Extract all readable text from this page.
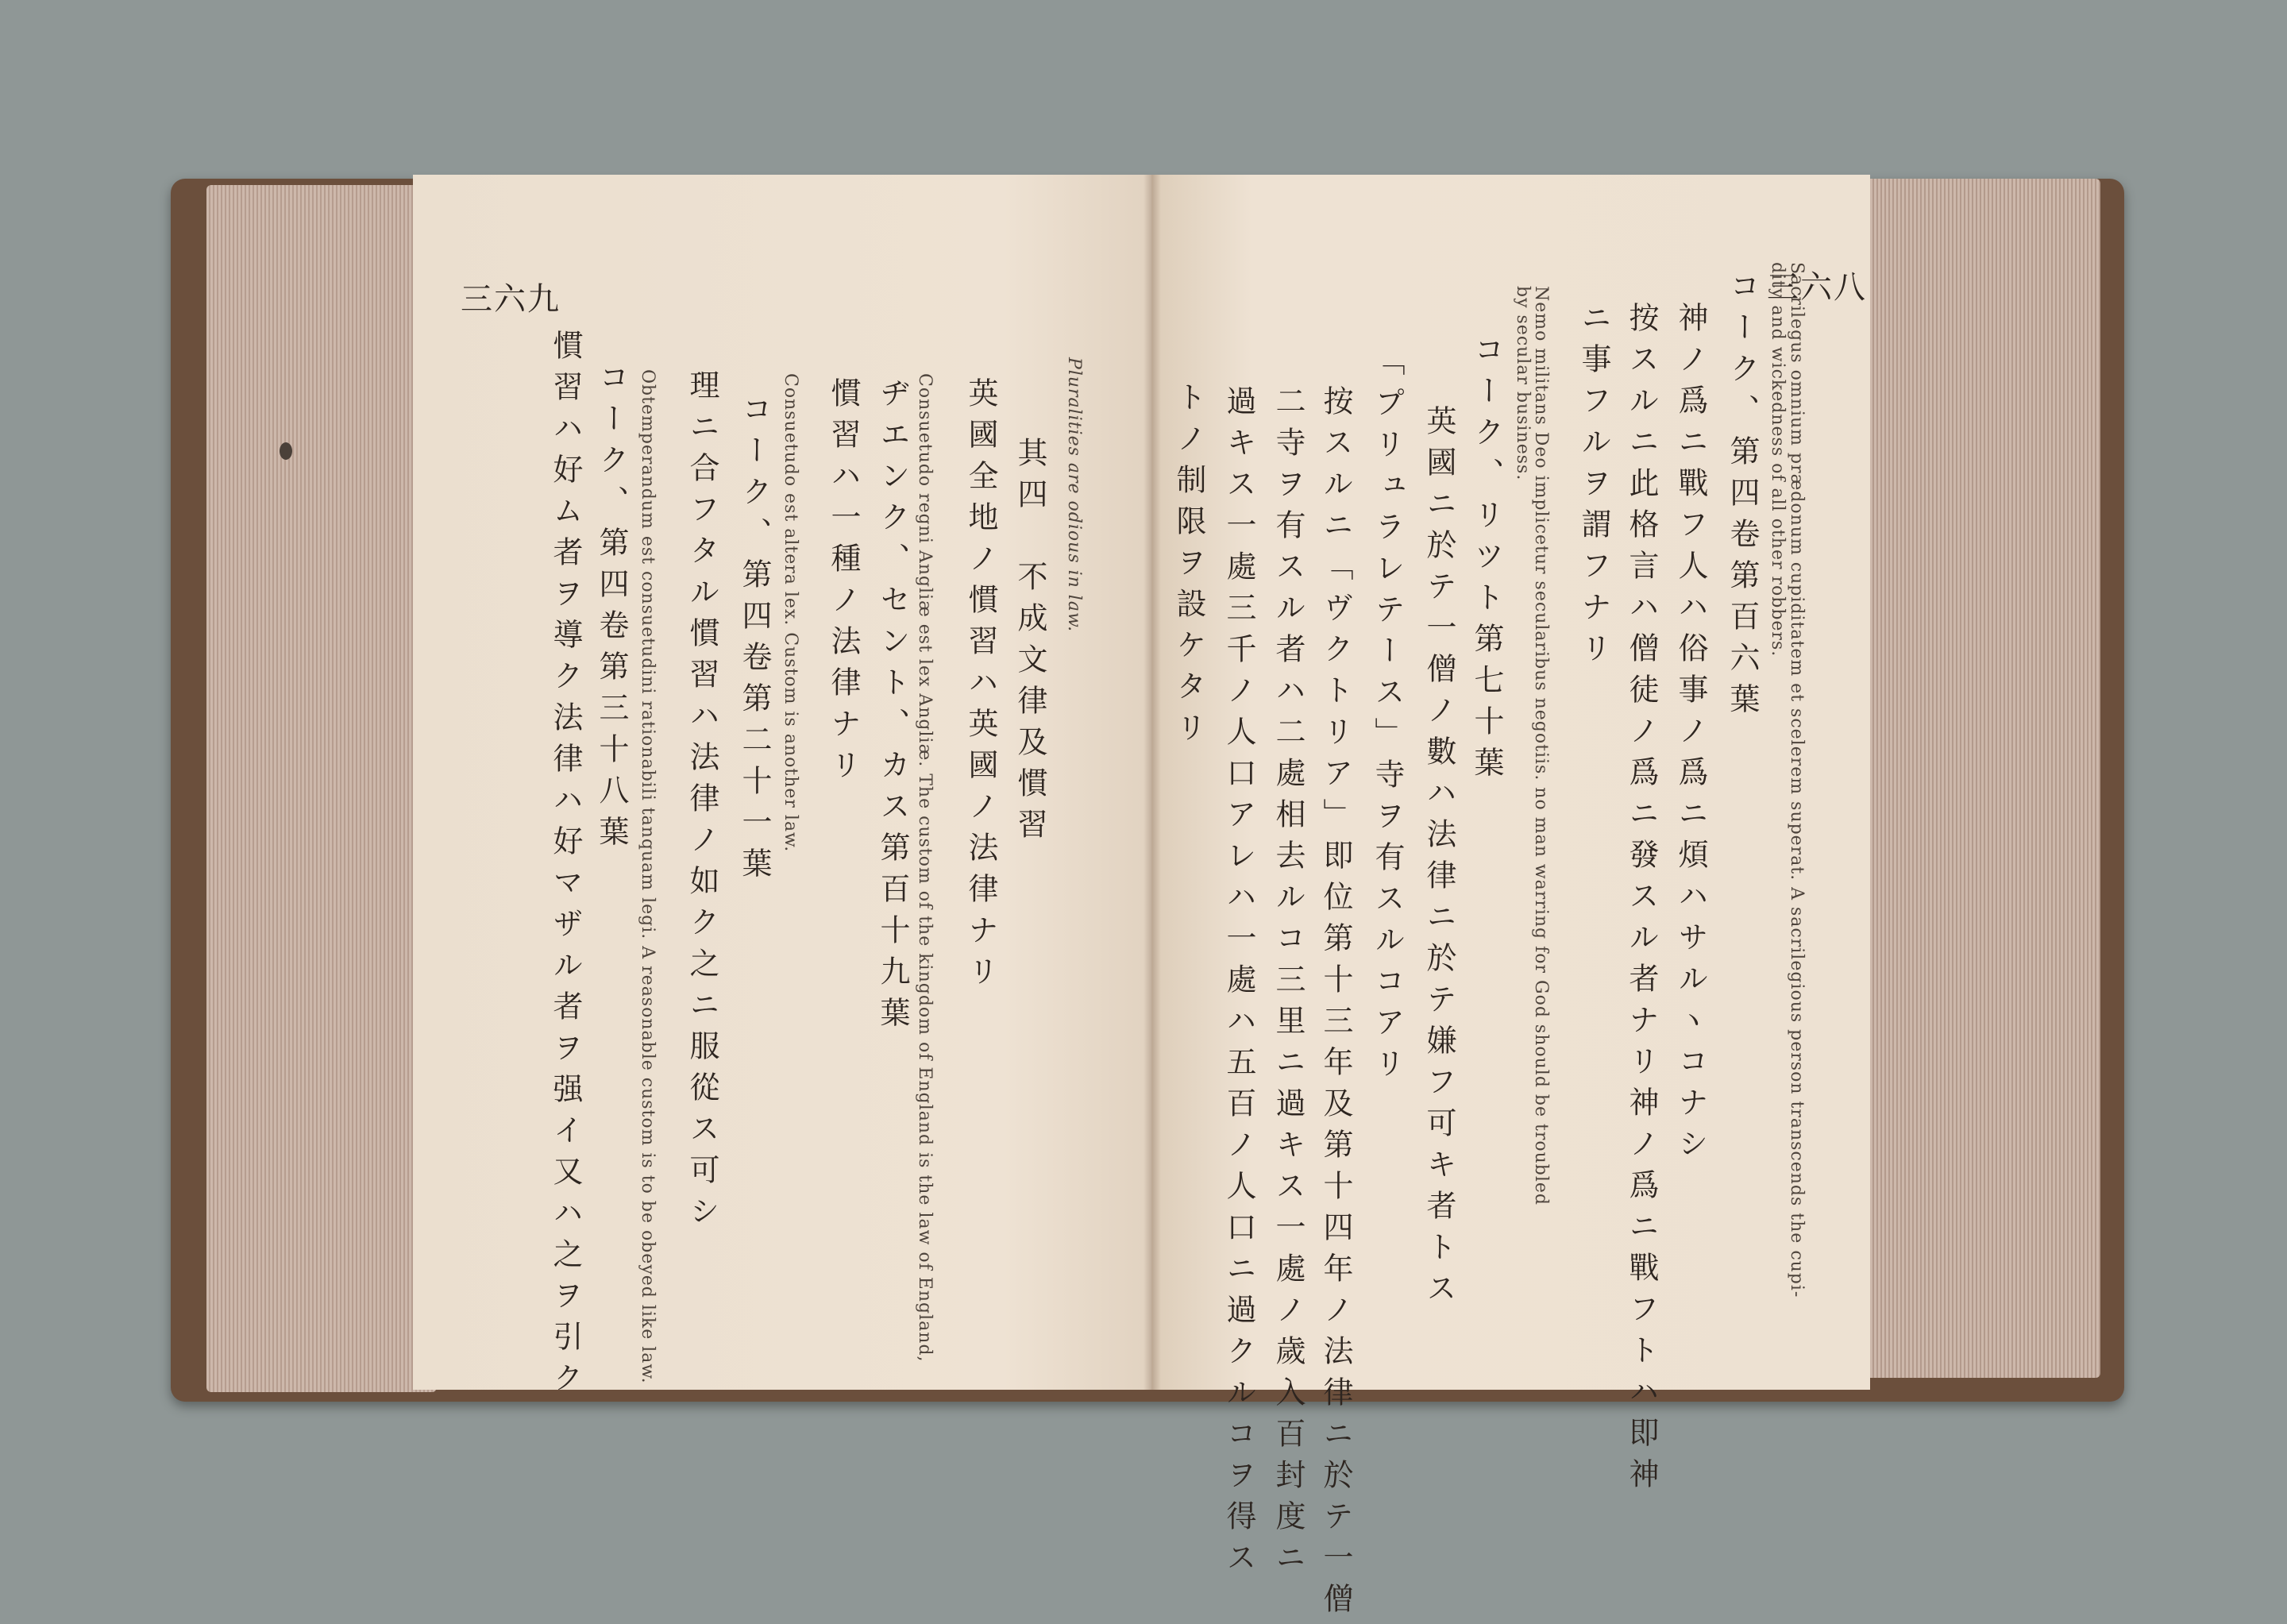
三六九
Pluralities are odious in law.
其四　不成文律及慣習
英國全地ノ慣習ハ英國ノ法律ナリ
Consuetudo regni Angliæ est lex Angliæ. The custom of the kingdom of England is the law of England,
ヂエンク、セント、カス第百十九葉
慣習ハ一種ノ法律ナリ
Consuetudo est altera lex. Custom is another law.
コーク、第四卷第二十一葉
理ニ合フタル慣習ハ法律ノ如ク之ニ服從ス可シ
Obtemperandum est consuetudini rationabili tanquam legi. A reasonable custom is to be obeyed like law.
コーク、第四卷第三十八葉
慣習ハ好ム者ヲ導ク法律ハ好マザル者ヲ强イ又ハ之ヲ引ク
三六八
Sacrilegus omnium prædonum cupiditatem et scelerem superat. A sacrilegious person transcends the cupi-
dity and wickedness of all other robbers.
コーク、第四卷第百六葉
神ノ爲ニ戰フ人ハ俗事ノ爲ニ煩ハサルヽコナシ
按スルニ此格言ハ僧徒ノ爲ニ發スル者ナリ神ノ爲ニ戰フトハ即神
ニ事フルヲ謂フナリ
Nemo militans Deo implicetur secularibus negotiis. no man warring for God should be troubled
by secular business.
コーク、リツト第七十葉
英國ニ於テ一僧ノ數ハ法律ニ於テ嫌フ可キ者トス
「プリュラレテース」寺ヲ有スルコアリ
按スルニ「ヴクトリア」即位第十三年及第十四年ノ法律ニ於テ一僧
二寺ヲ有スル者ハ二處相去ルコ三里ニ過キス一處ノ歲入百封度ニ
過キス一處三千ノ人口アレハ一處ハ五百ノ人口ニ過クルコヲ得ス
トノ制限ヲ設ケタリ
